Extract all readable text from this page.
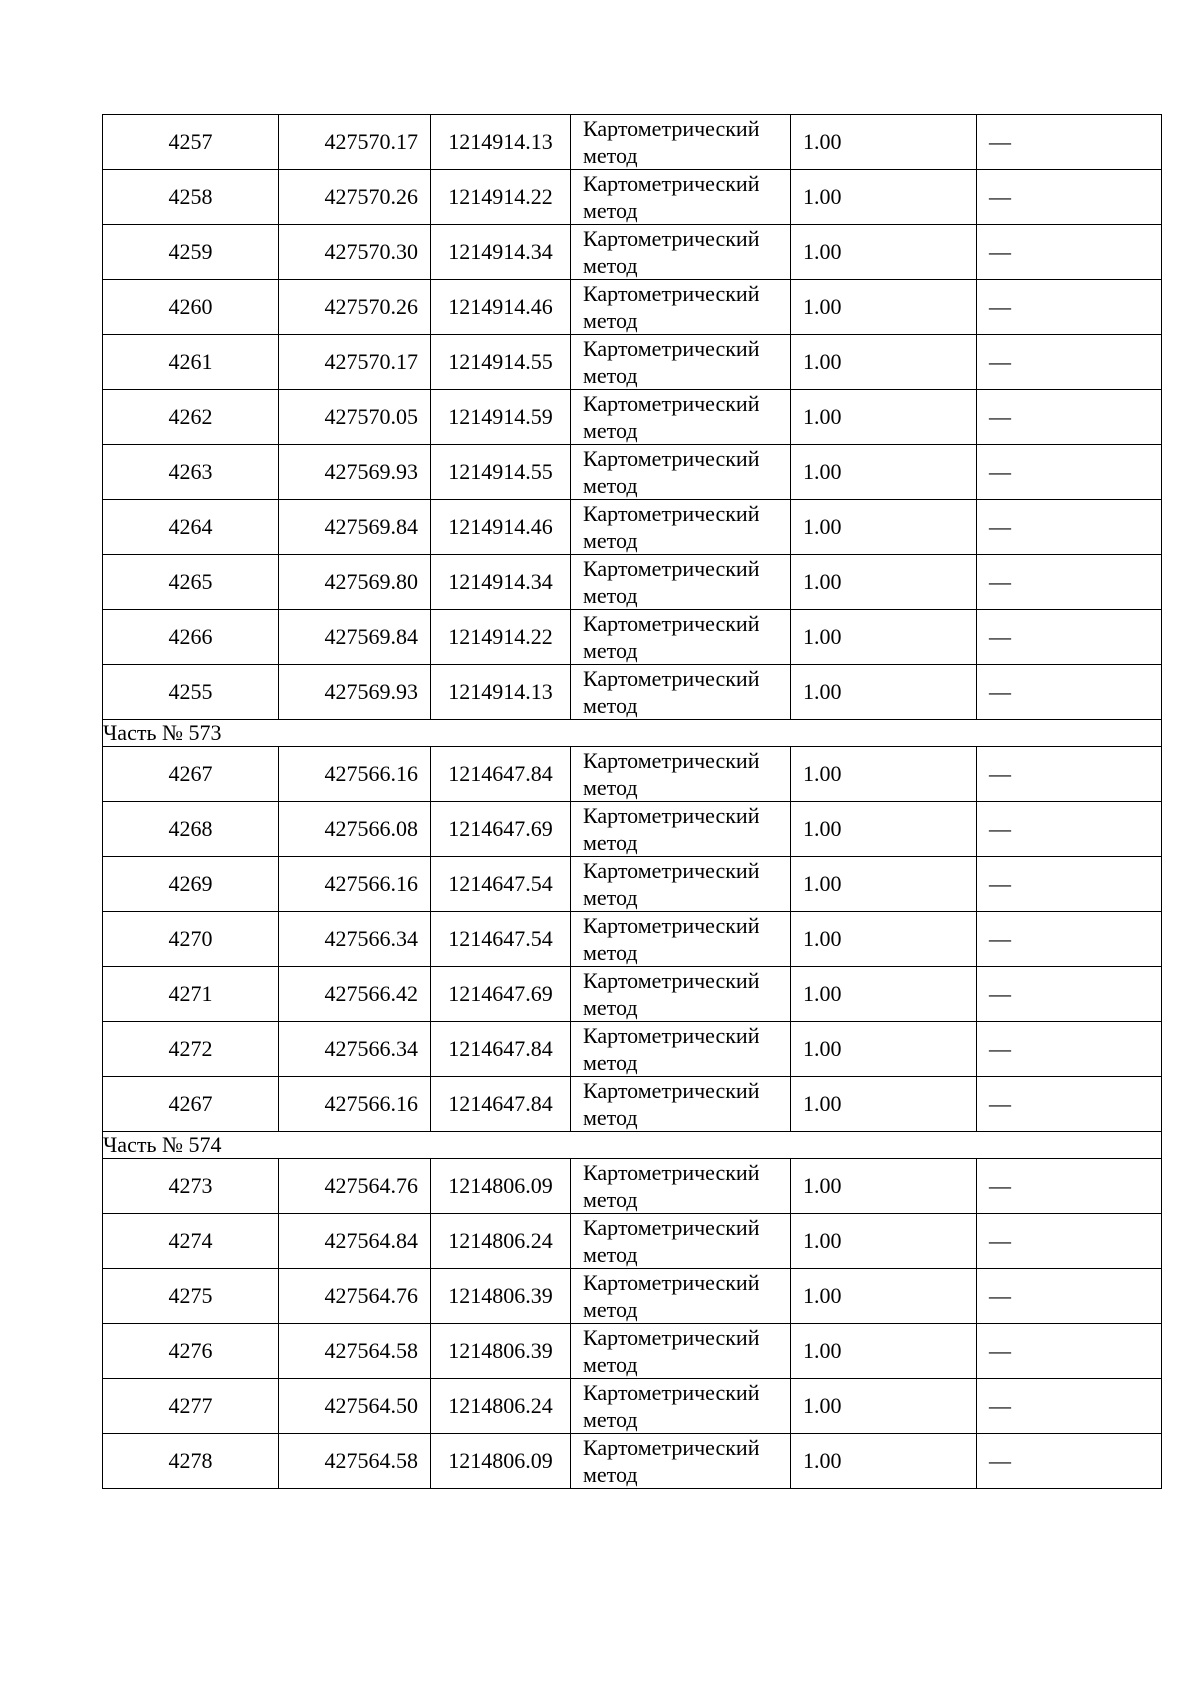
4257	427570.17	1214914.13	Картометрический
метод	1.00	—
4258	427570.26	1214914.22	Картометрический
метод	1.00	—
4259	427570.30	1214914.34	Картометрический
метод	1.00	—
4260	427570.26	1214914.46	Картометрический
метод	1.00	—
4261	427570.17	1214914.55	Картометрический
метод	1.00	—
4262	427570.05	1214914.59	Картометрический
метод	1.00	—
4263	427569.93	1214914.55	Картометрический
метод	1.00	—
4264	427569.84	1214914.46	Картометрический
метод	1.00	—
4265	427569.80	1214914.34	Картометрический
метод	1.00	—
4266	427569.84	1214914.22	Картометрический
метод	1.00	—
4255	427569.93	1214914.13	Картометрический
метод	1.00	—
Часть № 573					
4267	427566.16	1214647.84	Картометрический
метод	1.00	—
4268	427566.08	1214647.69	Картометрический
метод	1.00	—
4269	427566.16	1214647.54	Картометрический
метод	1.00	—
4270	427566.34	1214647.54	Картометрический
метод	1.00	—
4271	427566.42	1214647.69	Картометрический
метод	1.00	—
4272	427566.34	1214647.84	Картометрический
метод	1.00	—
4267	427566.16	1214647.84	Картометрический
метод	1.00	—
Часть № 574					
4273	427564.76	1214806.09	Картометрический
метод	1.00	—
4274	427564.84	1214806.24	Картометрический
метод	1.00	—
4275	427564.76	1214806.39	Картометрический
метод	1.00	—
4276	427564.58	1214806.39	Картометрический
метод	1.00	—
4277	427564.50	1214806.24	Картометрический
метод	1.00	—
4278	427564.58	1214806.09	Картометрический
метод	1.00	—
